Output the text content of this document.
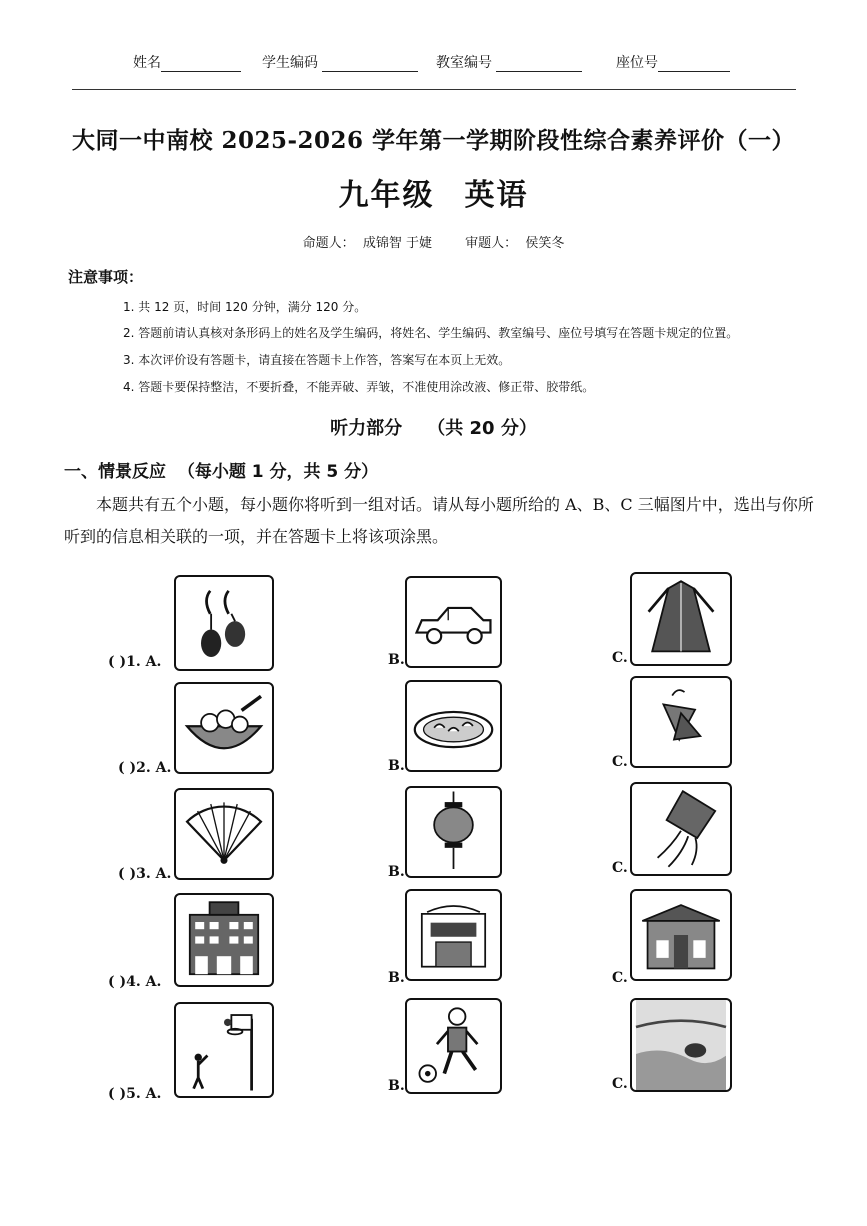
姓名	学生编码	教室编号	座位号
大同一中南校 2025-2026 学年第一学期阶段性综合素养评价（一）
九年级 英语
命题人：  成锦智 于婕        审题人：  侯笑冬
注意事项：
1. 共 12 页，时间 120 分钟，满分 120 分。
2. 答题前请认真核对条形码上的姓名及学生编码，将姓名、学生编码、教室编号、座位号填写在答题卡规定的位置。
3. 本次评价设有答题卡，请直接在答题卡上作答，答案写在本页上无效。
4. 答题卡要保持整洁，不要折叠，不能弄破、弄皱，不准使用涂改液、修正带、胶带纸。
听力部分    （共 20 分）
一、情景反应  （每小题 1 分，共 5 分）
本题共有五个小题，每小题你将听到一组对话。请从每小题所给的 A、B、C 三幅图片中，选出与你所听到的信息相关联的一项，并在答题卡上将该项涂黑。
( )1. A.	B.	C.
( )2. A.	B.	C.
( )3. A.	B.	C.
( )4. A.	B.	C.
( )5. A.	B.	C.
